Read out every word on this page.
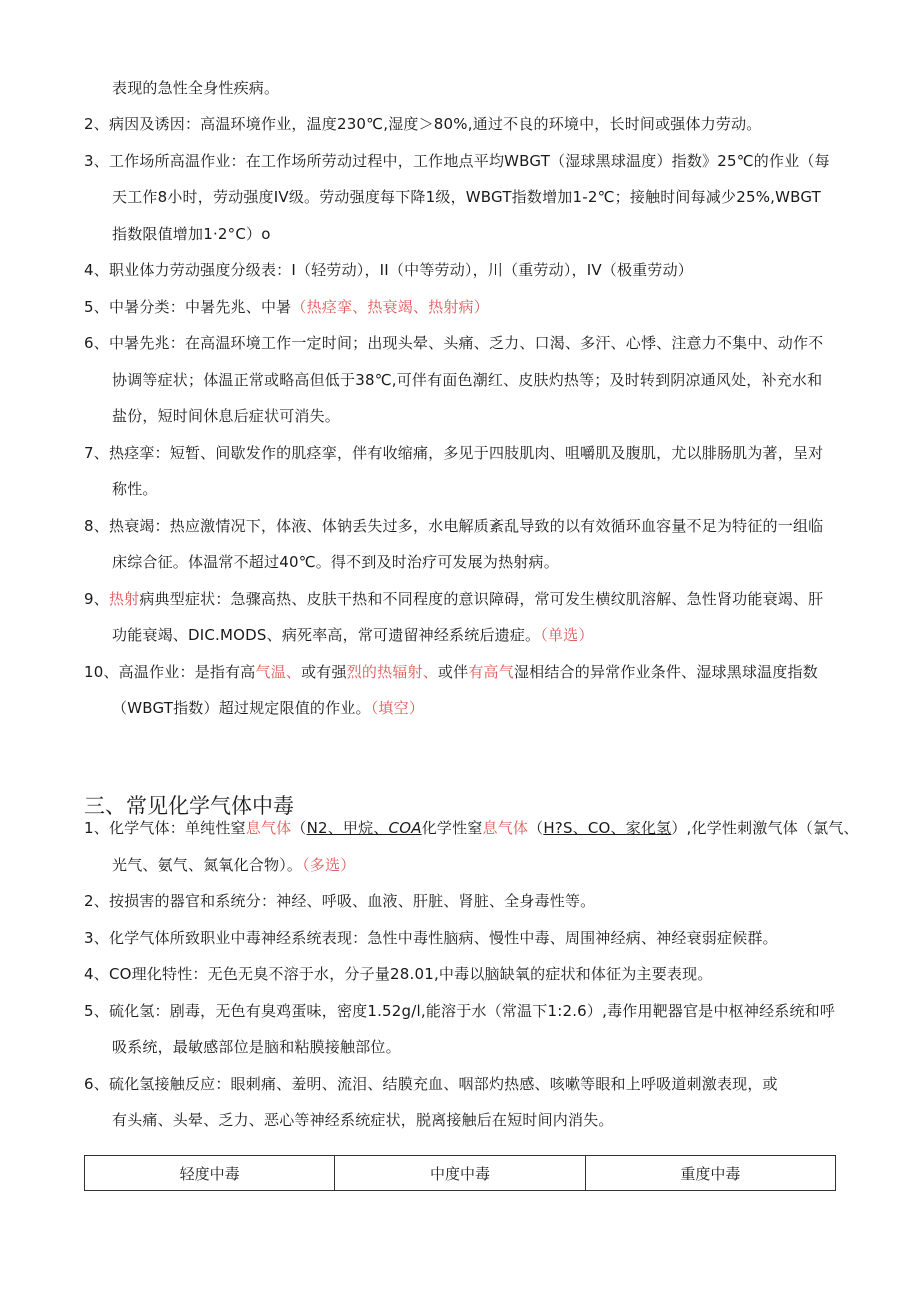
表现的急性全身性疾病。
2、病因及诱因：高温环境作业，温度230℃,湿度＞80%,通过不良的环境中，长时间或强体力劳动。
3、工作场所高温作业：在工作场所劳动过程中，工作地点平均WBGT（湿球黑球温度）指数》25℃的作业（每
天工作8小时，劳动强度IV级。劳动强度每下降1级，WBGT指数增加1-2℃；接触时间每减少25%,WBGT
指数限值增加1·2°C）o
4、职业体力劳动强度分级表：I（轻劳动），II（中等劳动），川（重劳动），IV（极重劳动）
5、中暑分类：中暑先兆、中暑（热痉挛、热衰竭、热射病）
6、中暑先兆：在高温环境工作一定时间；出现头晕、头痛、乏力、口渴、多汗、心悸、注意力不集中、动作不
协调等症状；体温正常或略高但低于38℃,可伴有面色潮红、皮肤灼热等；及时转到阴凉通风处，补充水和
盐份，短时间休息后症状可消失。
7、热痉挛：短暂、间歇发作的肌痉挛，伴有收缩痛，多见于四肢肌肉、咀嚼肌及腹肌，尤以腓肠肌为著，呈对
称性。
8、热衰竭：热应激情况下，体液、体钠丢失过多，水电解质紊乱导致的以有效循环血容量不足为特征的一组临
床综合征。体温常不超过40℃。得不到及时治疗可发展为热射病。
9、热射病典型症状：急骤高热、皮肤干热和不同程度的意识障碍，常可发生横纹肌溶解、急性肾功能衰竭、肝
功能衰竭、DIC.MODS、病死率高，常可遗留神经系统后遗症。（单选）
10、高温作业：是指有高气温、或有强烈的热辐射、或伴有高气湿相结合的异常作业条件、湿球黑球温度指数
（WBGT指数）超过规定限值的作业。（填空）
1、化学气体：单纯性窒息气体（N2、甲烷、COA化学性窒息气体（H?S、CO、家化氢）,化学性刺激气体（氯气、
光气、氨气、氮氧化合物）。（多选）
2、按损害的器官和系统分：神经、呼吸、血液、肝脏、肾脏、全身毒性等。
3、化学气体所致职业中毒神经系统表现：急性中毒性脑病、慢性中毒、周围神经病、神经衰弱症候群。
4、CO理化特性：无色无臭不溶于水，分子量28.01,中毒以脑缺氧的症状和体征为主要表现。
5、硫化氢：剧毒，无色有臭鸡蛋味，密度1.52g/l,能溶于水（常温下1:2.6）,毒作用靶器官是中枢神经系统和呼
吸系统，最敏感部位是脑和粘膜接触部位。
6、硫化氢接触反应：眼刺痛、羞明、流泪、结膜充血、咽部灼热感、咳嗽等眼和上呼吸道刺激表现，或
有头痛、头晕、乏力、恶心等神经系统症状，脱离接触后在短时间内消失。
三、常见化学气体中毒
轻度中毒	中度中毒	重度中毒
